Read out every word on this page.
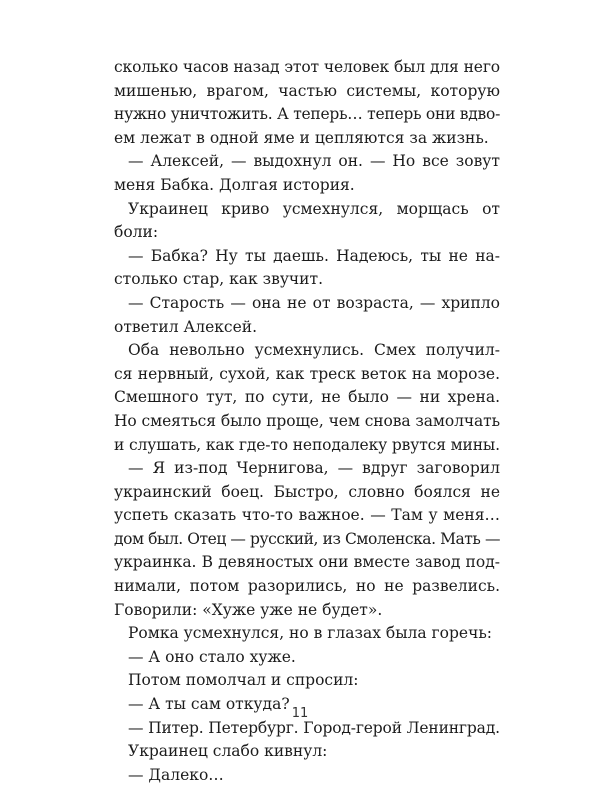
сколько часов назад этот человек был для него
мишенью, врагом, частью системы, которую
нужно уничтожить. А теперь… теперь они вдво-
ем лежат в одной яме и цепляются за жизнь.
— Алексей, — выдохнул он. — Но все зовут
меня Бабка. Долгая история.
Украинец криво усмехнулся, морщась от
боли:
— Бабка? Ну ты даешь. Надеюсь, ты не на-
столько стар, как звучит.
— Старость — она не от возраста, — хрипло
ответил Алексей.
Оба невольно усмехнулись. Смех получил-
ся нервный, сухой, как треск веток на морозе.
Смешного тут, по сути, не было — ни хрена.
Но смеяться было проще, чем снова замолчать
и слушать, как где-то неподалеку рвутся мины.
— Я из-под Чернигова, — вдруг заговорил
украинский боец. Быстро, словно боялся не
успеть сказать что-то важное. — Там у меня…
дом был. Отец — русский, из Смоленска. Мать —
украинка. В девяностых они вместе завод под-
нимали, потом разорились, но не развелись.
Говорили: «Хуже уже не будет».
Ромка усмехнулся, но в глазах была горечь:
— А оно стало хуже.
Потом помолчал и спросил:
— А ты сам откуда?
— Питер. Петербург. Город-герой Ленинград.
Украинец слабо кивнул:
— Далеко…
11
